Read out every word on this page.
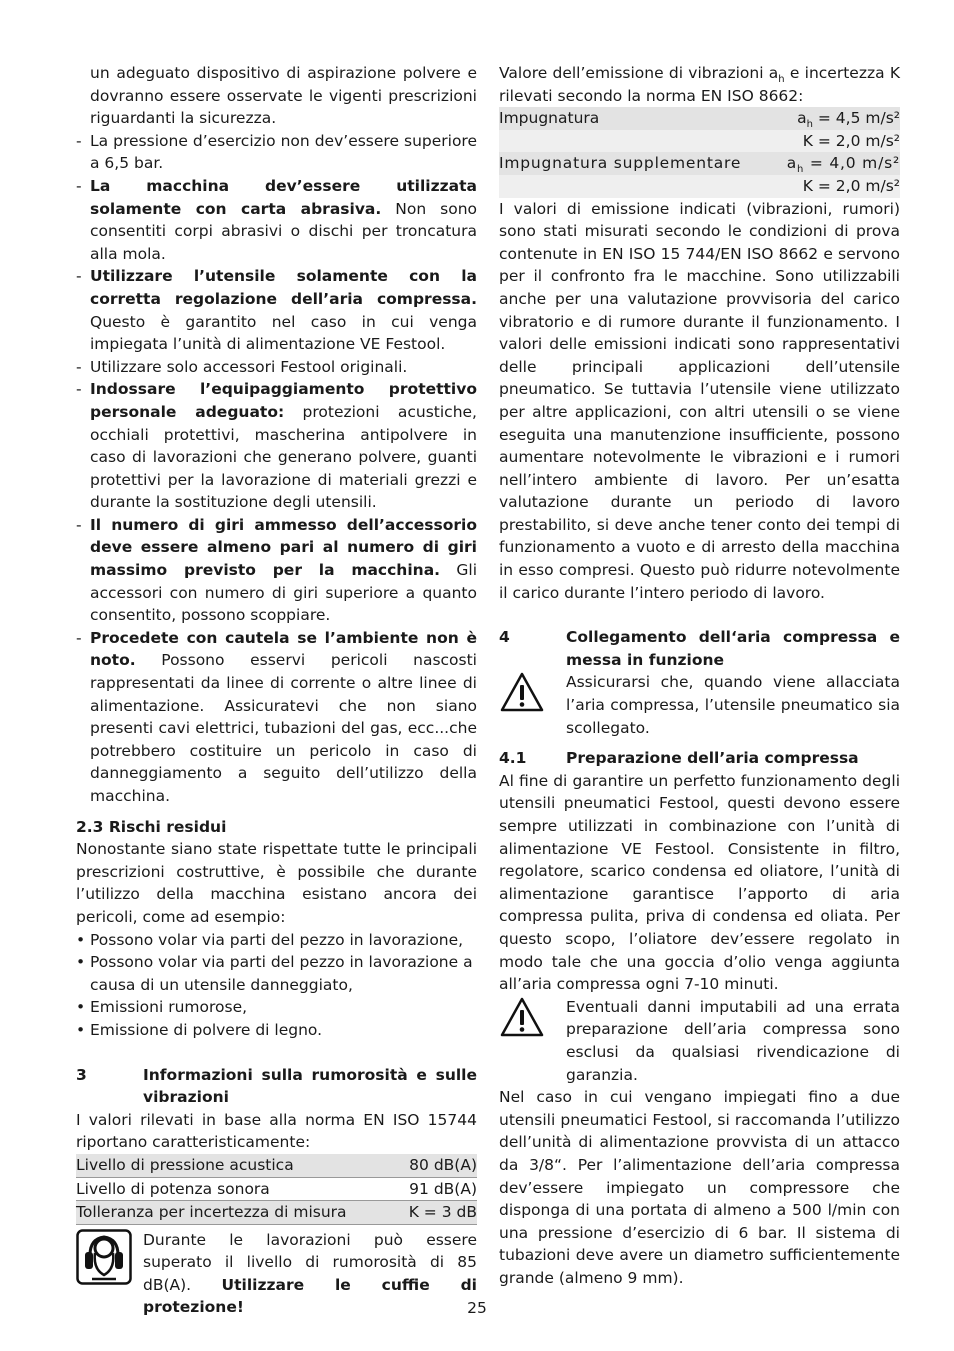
un adeguato dispositivo di aspirazione polvere e dovranno essere osservate le vigenti prescrizioni riguardanti la sicurezza.
- La pressione d’esercizio non dev’essere superiore a 6,5 bar.
- La macchina dev’essere utilizzata solamente con carta abrasiva. Non sono consentiti corpi abrasivi o dischi per troncatura alla mola.
- Utilizzare l’utensile solamente con la corretta regolazione dell’aria compressa. Questo è garantito nel caso in cui venga impiegata l’unità di alimentazione VE Festool.
- Utilizzare solo accessori Festool originali.
- Indossare l’equipaggiamento protettivo personale adeguato: protezioni acustiche, occhiali protettivi, mascherina antipolvere in caso di lavorazioni che generano polvere, guanti protettivi per la lavorazione di materiali grezzi e durante la sostituzione degli utensili.
- Il numero di giri ammesso dell’accessorio deve essere almeno pari al numero di giri massimo previsto per la macchina. Gli accessori con numero di giri superiore a quanto consentito, possono scoppiare.
- Procedete con cautela se l’ambiente non è noto. Possono esservi pericoli nascosti rappresentati da linee di corrente o altre linee di alimentazione. Assicuratevi che non siano presenti cavi elettrici, tubazioni del gas, ecc...che potrebbero costituire un pericolo in caso di danneggiamento a seguito dell’utilizzo della macchina.
2.3 Rischi residui

Nonostante siano state rispettate tutte le principali prescrizioni costruttive, è possibile che durante l’utilizzo della macchina esistano ancora dei pericoli, come ad esempio:

• Possono volar via parti del pezzo in lavorazione,
• Possono volar via parti del pezzo in lavorazione a causa di un utensile danneggiato,
• Emissioni rumorose,
• Emissione di polvere di legno.
3	Informazioni sulla rumorosità e sulle vibrazioni

I valori rilevati in base alla norma EN ISO 15744 riportano caratteristicamente:

Livello di pressione acustica	80 dB(A)
Livello di potenza sonora	91 dB(A)
Tolleranza per incertezza di misura	K = 3 dB
Durante le lavorazioni può essere superato il livello di rumorosità di 85 dB(A). Utilizzare le cuffie di protezione!

Valore dell’emissione di vibrazioni $a_h$ e incertezza K rilevati secondo la norma EN ISO 8662:

Impugnatura	$a_h = 4,5$ m/s²
K = 2,0 m/s²
Impugnatura supplementare	$a_h = 4,0$ m/s²
K = 2,0 m/s²

I valori di emissione indicati (vibrazioni, rumori) sono stati misurati secondo le condizioni di prova contenute in EN ISO 15 744/EN ISO 8662 e servono per il confronto fra le macchine. Sono utilizzabili anche per una valutazione provvisoria del carico vibratorio e di rumore durante il funzionamento. I valori delle emissioni indicati sono rappresentativi delle principali applicazioni dell’utensile pneumatico. Se tuttavia l’utensile viene utilizzato per altre applicazioni, con altri utensili o se viene eseguita una manutenzione insufficiente, possono aumentare notevolmente le vibrazioni e i rumori nell’intero ambiente di lavoro. Per un’esatta valutazione durante un periodo di lavoro prestabilito, si deve anche tener conto dei tempi di funzionamento a vuoto e di arresto della macchina in esso compresi. Questo può ridurre notevolmente il carico durante l’intero periodo di lavoro.

4	Collegamento dell‘aria compressa e messa in funzione
Assicurarsi che, quando viene allacciata l’aria compressa, l’utensile pneumatico sia scollegato.
4.1	Preparazione dell’aria compressa

Al fine di garantire un perfetto funzionamento degli utensili pneumatici Festool, questi devono essere sempre utilizzati in combinazione con l’unità di alimentazione VE Festool. Consistente in filtro, regolatore, scarico condensa ed oliatore, l’unità di alimentazione garantisce l’apporto di aria compressa pulita, priva di condensa ed oliata. Per questo scopo, l’oliatore dev’essere regolato in modo tale che una goccia d’olio venga aggiunta all’aria compressa ogni 7-10 minuti.

Eventuali danni imputabili ad una errata preparazione dell’aria compressa sono esclusi da qualsiasi rivendicazione di garanzia.

Nel caso in cui vengano impiegati fino a due utensili pneumatici Festool, si raccomanda l’utilizzo dell’unità di alimentazione provvista di un attacco da 3/8“. Per l’alimentazione dell’aria compressa dev’essere impiegato un compressore che disponga di una portata di almeno a 500 l/min con una pressione d’esercizio di 6 bar. Il sistema di tubazioni deve avere un diametro sufficientemente grande (almeno 9 mm).

25
